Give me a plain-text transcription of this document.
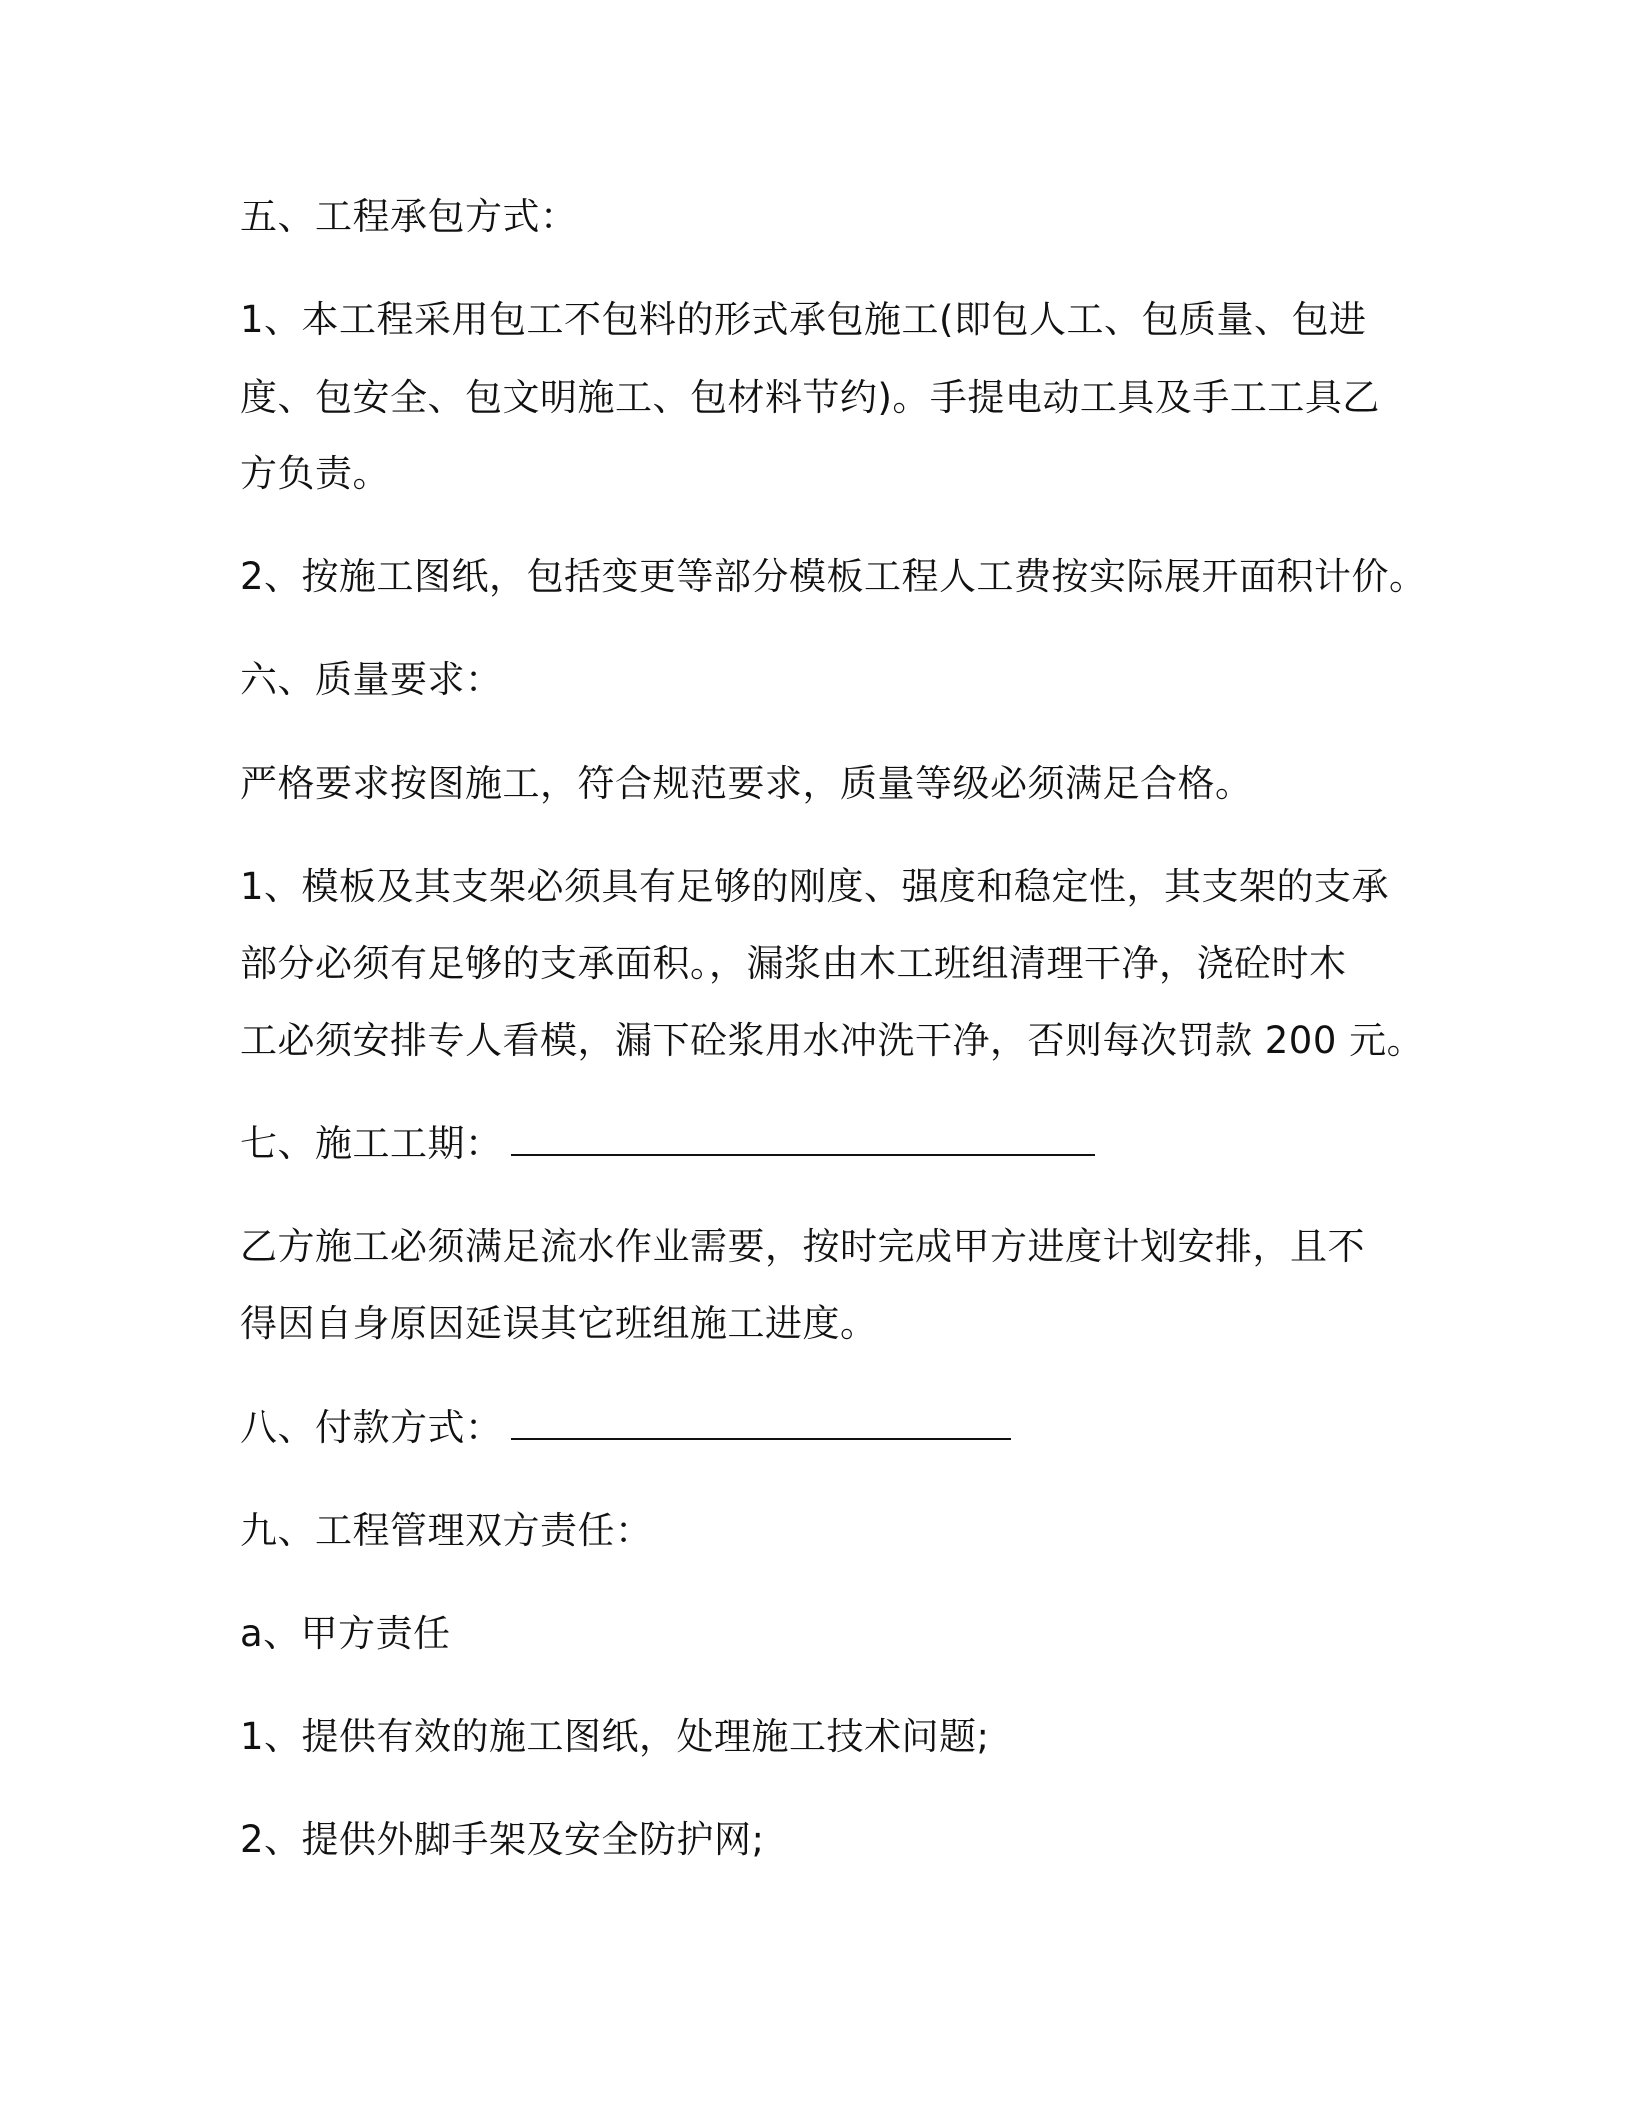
五、工程承包方式：
1、本工程采用包工不包料的形式承包施工(即包人工、包质量、包进
度、包安全、包文明施工、包材料节约)。手提电动工具及手工工具乙
方负责。
2、按施工图纸，包括变更等部分模板工程人工费按实际展开面积计价。
六、质量要求：
严格要求按图施工，符合规范要求，质量等级必须满足合格。
1、模板及其支架必须具有足够的刚度、强度和稳定性，其支架的支承
部分必须有足够的支承面积。，漏浆由木工班组清理干净，浇砼时木
工必须安排专人看模，漏下砼浆用水冲洗干净，否则每次罚款 200 元。
七、施工工期：
乙方施工必须满足流水作业需要，按时完成甲方进度计划安排，且不
得因自身原因延误其它班组施工进度。
八、付款方式：
九、工程管理双方责任：
a、甲方责任
1、提供有效的施工图纸，处理施工技术问题;
2、提供外脚手架及安全防护网;
